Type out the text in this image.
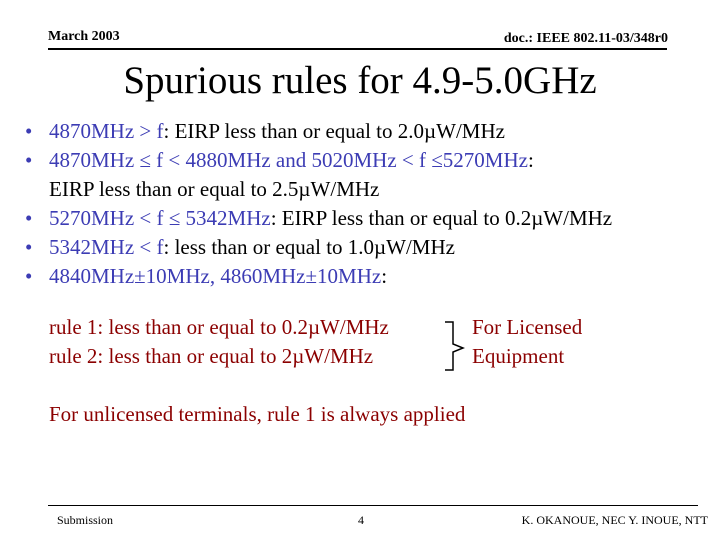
March 2003	doc.: IEEE 802.11-03/348r0
Spurious rules for 4.9-5.0GHz
• 4870MHz > f: EIRP less than or equal to 2.0µW/MHz
• 4870MHz ≤ f < 4880MHz and 5020MHz < f ≤5270MHz:
EIRP less than or equal to 2.5µW/MHz
• 5270MHz < f ≤ 5342MHz: EIRP less than or equal to 0.2µW/MHz
• 5342MHz < f: less than or equal to 1.0µW/MHz
• 4840MHz±10MHz, 4860MHz±10MHz:
rule 1: less than or equal to 0.2µW/MHz
rule 2: less than or equal to 2µW/MHz
For Licensed
Equipment
For unlicensed terminals, rule 1 is always applied
Submission	4	K. OKANOUE, NEC Y. INOUE, NTT
